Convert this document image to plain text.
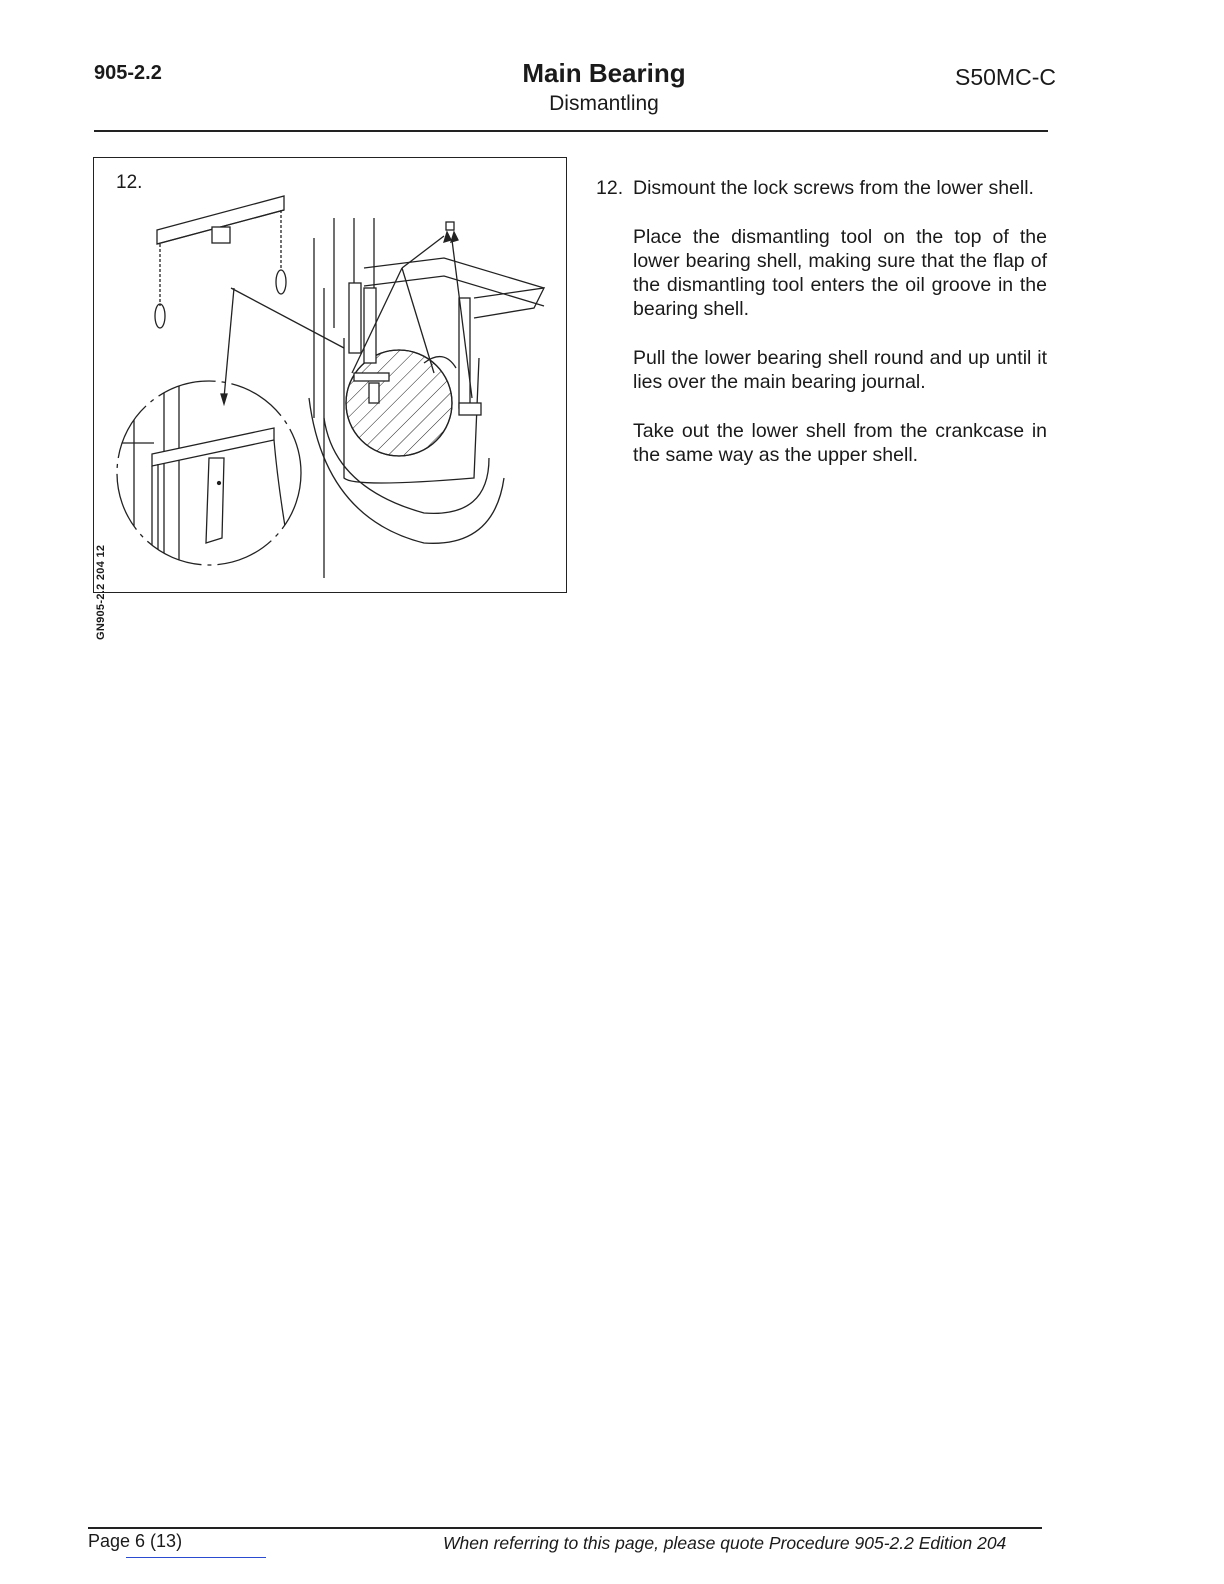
905-2.2	Main Bearing
Dismantling
S50MC-C
12.
GN905-2.2 204 12
12. Dismount the lock screws from the lower shell.

Place the dismantling tool on the top of the lower bearing shell, making sure that the flap of the dismantling tool enters the oil groove in the bearing shell.

Pull the lower bearing shell round and up until it lies over the main bearing journal.

Take out the lower shell from the crankcase in the same way as the upper shell.

Page 6 (13)	When referring to this page, please quote Procedure 905-2.2 Edition 204
